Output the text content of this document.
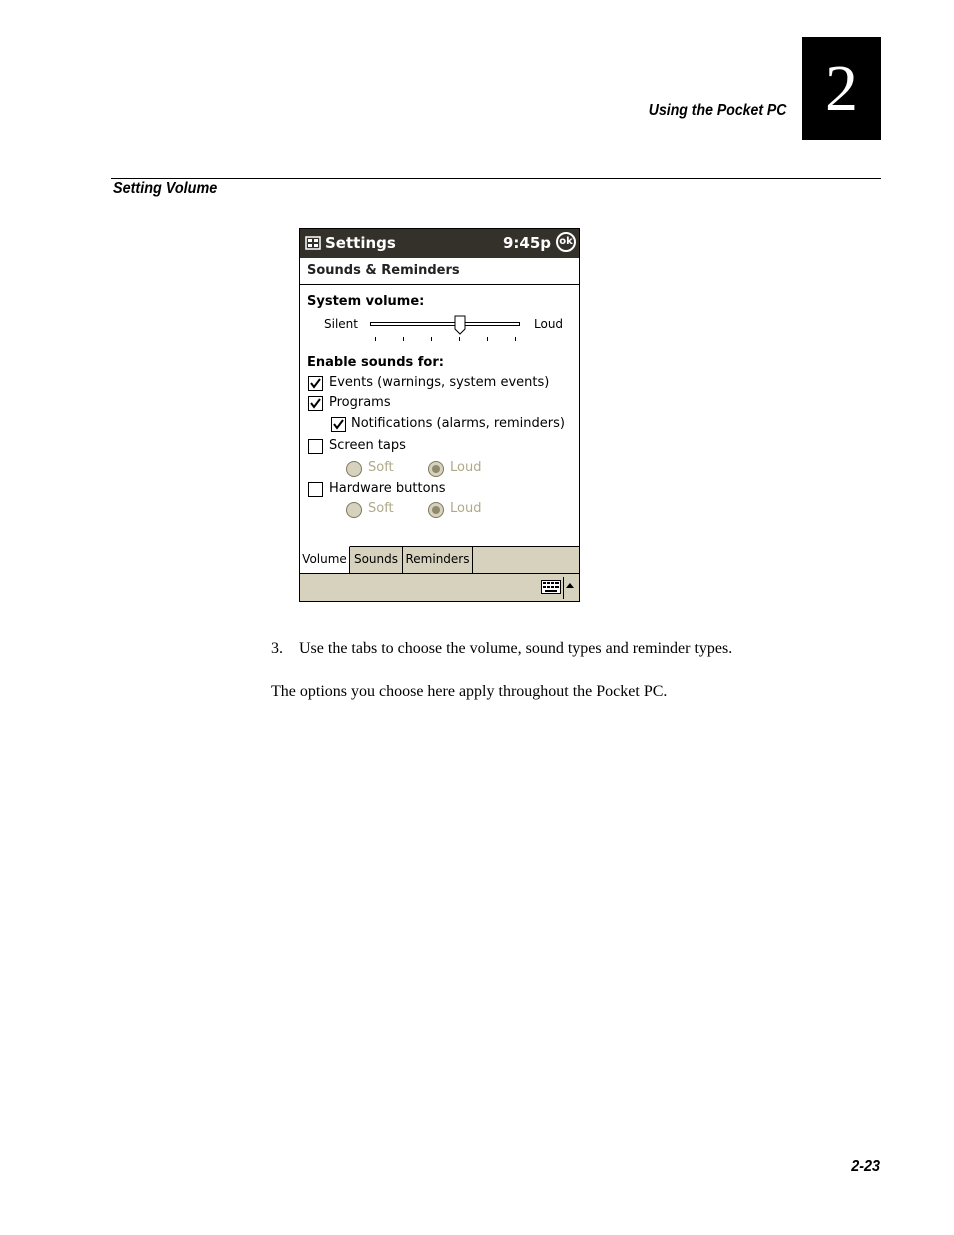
Using the Pocket PC 2
Setting Volume
Settings	9:45p ok
Sounds & Reminders
System volume:
Silent	Loud
Enable sounds for:
Events (warnings, system events)
Programs
Notifications (alarms, reminders)
Screen taps
Soft	Loud
Hardware buttons
Soft	Loud
Volume Sounds Reminders
3. Use the tabs to choose the volume, sound types and reminder types.
The options you choose here apply throughout the Pocket PC.
2-23
